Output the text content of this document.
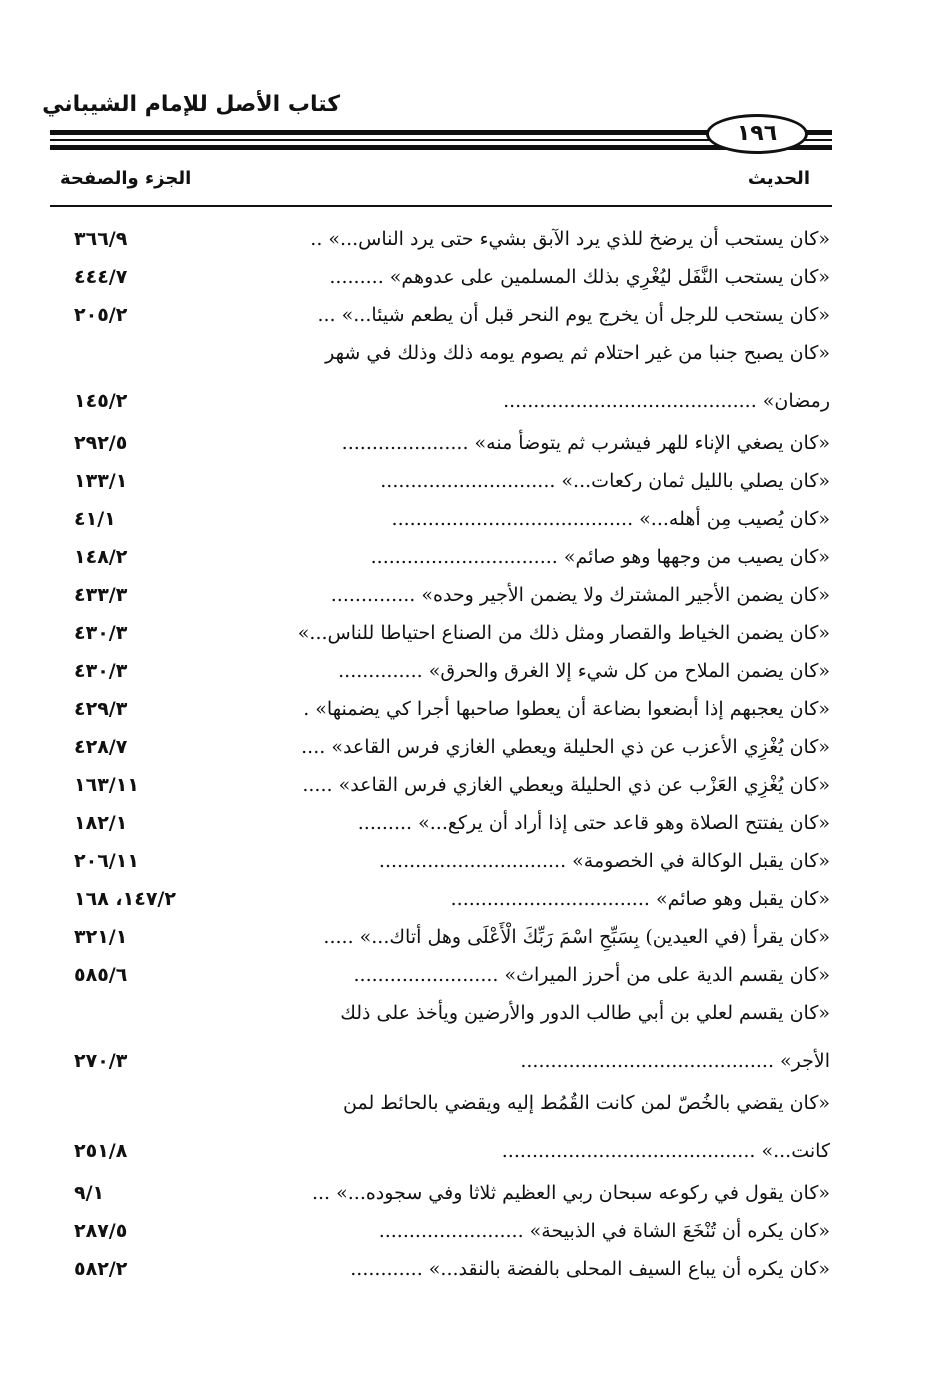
كتاب الأصل للإمام الشيباني
١٩٦
الحديث
الجزء والصفحة
«كان يستحب أن يرضخ للذي يرد الآبق بشيء حتى يرد الناس...» ..
٣٦٦/٩
«كان يستحب النَّفَل ليُغْرِي بذلك المسلمين على عدوهم» .........
٤٤٤/٧
«كان يستحب للرجل أن يخرج يوم النحر قبل أن يطعم شيئا...» ...
٢٠٥/٢
«كان يصبح جنبا من غير احتلام ثم يصوم يومه ذلك وذلك في شهر
رمضان» ..........................................
١٤٥/٢
«كان يصغي الإناء للهر فيشرب ثم يتوضأ منه» .....................
٢٩٢/٥
«كان يصلي بالليل ثمان ركعات...» .............................
١٣٣/١
«كان يُصيب مِن أهله...» ........................................
٤١/١
«كان يصيب من وجهها وهو صائم» ...............................
١٤٨/٢
«كان يضمن الأجير المشترك ولا يضمن الأجير وحده» ..............
٤٣٣/٣
«كان يضمن الخياط والقصار ومثل ذلك من الصناع احتياطا للناس...»
٤٣٠/٣
«كان يضمن الملاح من كل شيء إلا الغرق والحرق» ..............
٤٣٠/٣
«كان يعجبهم إذا أبضعوا بضاعة أن يعطوا صاحبها أجرا كي يضمنها» .
٤٢٩/٣
«كان يُغْزِي الأعزب عن ذي الحليلة ويعطي الغازي فرس القاعد» ....
٤٢٨/٧
«كان يُغْزِي العَزْب عن ذي الحليلة ويعطي الغازي فرس القاعد» .....
١٦٣/١١
«كان يفتتح الصلاة وهو قاعد حتى إذا أراد أن يركع...» .........
١٨٢/١
«كان يقبل الوكالة في الخصومة» ...............................
٢٠٦/١١
«كان يقبل وهو صائم» .................................
١٤٧/٢، ١٦٨
«كان يقرأ (في العيدين) بِسَبِّحِ اسْمَ رَبِّكَ الْأَعْلَى وهل أتاك...» .....
٣٢١/١
«كان يقسم الدية على من أحرز الميراث» ........................
٥٨٥/٦
«كان يقسم لعلي بن أبي طالب الدور والأرضين ويأخذ على ذلك
الأجر» ..........................................
٢٧٠/٣
«كان يقضي بالخُصّ لمن كانت القُمُط إليه ويقضي بالحائط لمن
كانت...» ..........................................
٢٥١/٨
«كان يقول في ركوعه سبحان ربي العظيم ثلاثا وفي سجوده...» ...
٩/١
«كان يكره أن تُنْخَعَ الشاة في الذبيحة» ........................
٢٨٧/٥
«كان يكره أن يباع السيف المحلى بالفضة بالنقد...» ............
٥٨٢/٢
